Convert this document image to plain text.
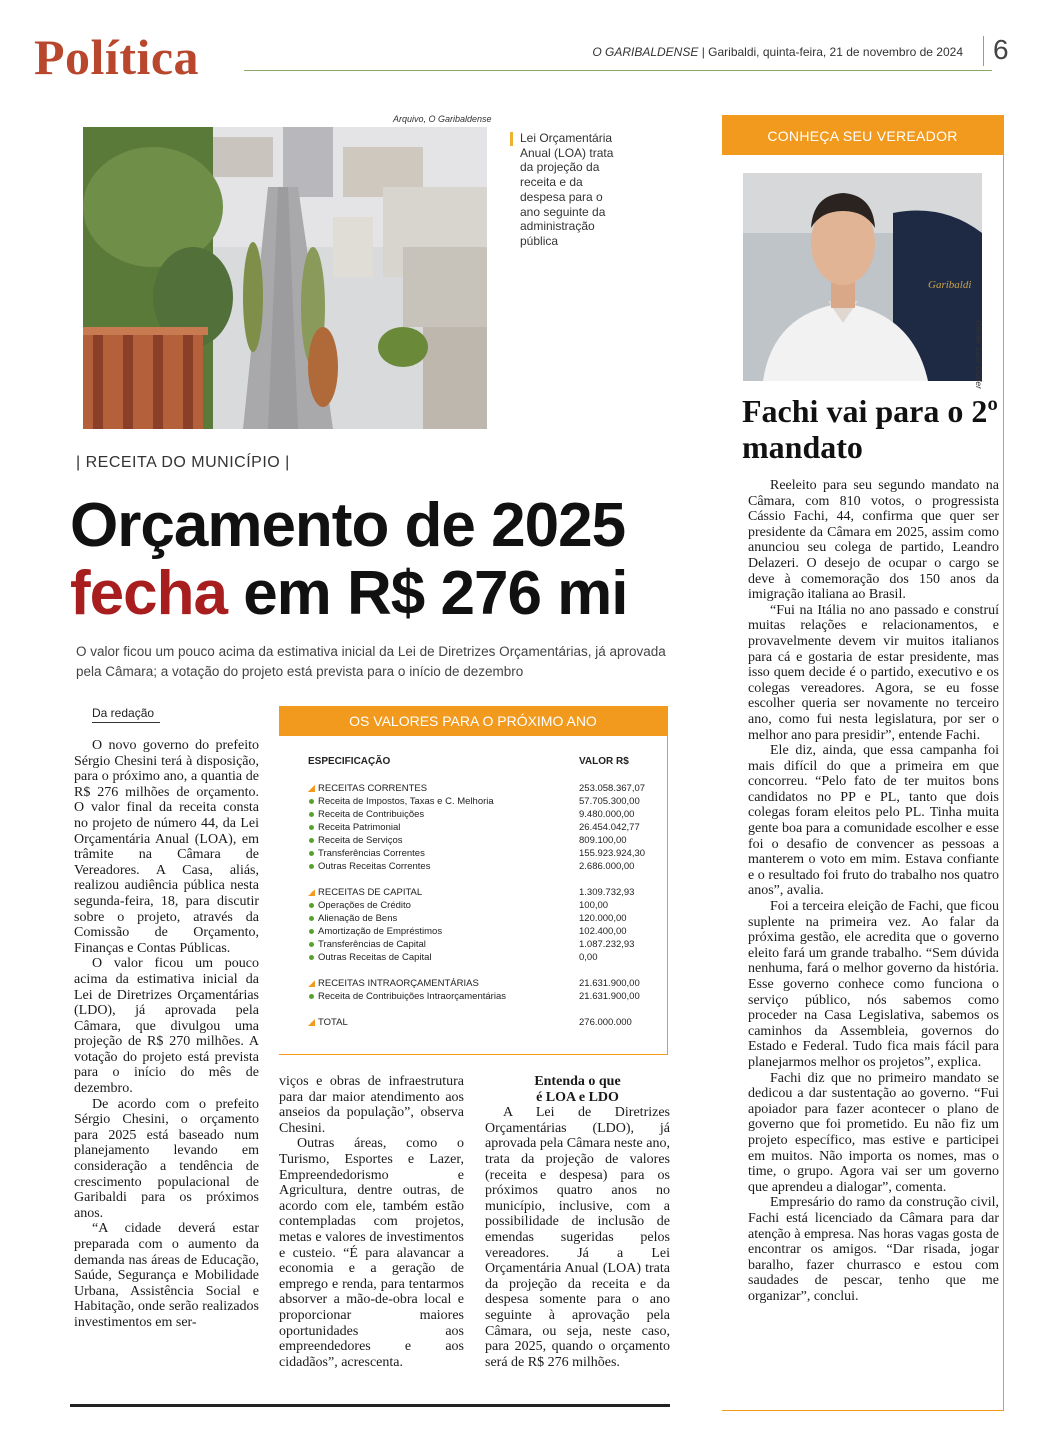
Política	O GARIBALDENSE | Garibaldi, quinta-feira, 21 de novembro de 2024 6
Arquivo, O Garibaldense
Lei Orçamentária Anual (LOA) trata da projeção da receita e da despesa para o ano seguinte da administração pública
| RECEITA DO MUNICÍPIO |
Orçamento de 2025
fecha em R$ 276 mi
O valor ficou um pouco acima da estimativa inicial da Lei de Diretrizes Orçamentárias, já aprovada pela Câmara; a votação do projeto está prevista para o início de dezembro
Da redação

O novo governo do prefeito Sérgio Chesini terá à disposição, para o próximo ano, a quantia de R$ 276 milhões de orçamento. O valor final da receita consta no projeto de número 44, da Lei Orçamentária Anual (LOA), em trâmite na Câmara de Vereadores. A Casa, aliás, realizou audiência pública nesta segunda-feira, 18, para discutir sobre o projeto, através da Comissão de Orçamento, Finanças e Contas Públicas.

O valor ficou um pouco acima da estimativa inicial da Lei de Diretrizes Orçamentárias (LDO), já aprovada pela Câmara, que divulgou uma projeção de R$ 270 milhões. A votação do projeto está prevista para o início do mês de dezembro.

De acordo com o prefeito Sérgio Chesini, o orçamento para 2025 está baseado num planejamento levando em consideração a tendência de crescimento populacional de Garibaldi para os próximos anos.

“A cidade deverá estar preparada com o aumento da demanda nas áreas de Educação, Saúde, Segurança e Mobilidade Urbana, Assistência Social e Habitação, onde serão realizados investimentos em ser-

OS VALORES PARA O PRÓXIMO ANO
ESPECIFICAÇÃO	VALOR R$
RECEITAS CORRENTES	253.058.367,07
Receita de Impostos, Taxas e C. Melhoria	57.705.300,00
Receita de Contribuições	9.480.000,00
Receita Patrimonial	26.454.042,77
Receita de Serviços	809.100,00
Transferências Correntes	155.923.924,30
Outras Receitas Correntes	2.686.000,00
RECEITAS DE CAPITAL	1.309.732,93
Operações de Crédito	100,00
Alienação de Bens	120.000,00
Amortização de Empréstimos	102.400,00
Transferências de Capital	1.087.232,93
Outras Receitas de Capital	0,00
RECEITAS INTRAORÇAMENTÁRIAS	21.631.900,00
Receita de Contribuições Intraorçamentárias	21.631.900,00
TOTAL	276.000.000

viços e obras de infraestrutura para dar maior atendimento aos anseios da população”, observa Chesini.

Outras áreas, como o Turismo, Esportes e Lazer, Empreendedorismo e Agricultura, dentre outras, de acordo com ele, também estão contempladas com projetos, metas e valores de investimentos e custeio. “É para alavancar a economia e a geração de emprego e renda, para tentarmos absorver a mão-de-obra local e proporcionar maiores oportunidades aos empreendedores e aos cidadãos”, acrescenta.

Entenda o que
é LOA e LDO

A Lei de Diretrizes Orçamentárias (LDO), já aprovada pela Câmara neste ano, trata da projeção de valores (receita e despesa) para os próximos quatro anos no município, inclusive, com a possibilidade de inclusão de emendas sugeridas pelos vereadores. Já a Lei Orçamentária Anual (LOA) trata da projeção da receita e da despesa somente para o ano seguinte à aprovação pela Câmara, ou seja, neste caso, para 2025, quando o orçamento será de R$ 276 milhões.

CONHEÇA SEU VEREADOR
Garibaldi
Gecler Luís Gutler
Fachi vai para o 2º mandato

Reeleito para seu segundo mandato na Câmara, com 810 votos, o progressista Cássio Fachi, 44, confirma que quer ser presidente da Câmara em 2025, assim como anunciou seu colega de partido, Leandro Delazeri. O desejo de ocupar o cargo se deve à comemoração dos 150 anos da imigração italiana ao Brasil.

“Fui na Itália no ano passado e construí muitas relações e relacionamentos, e provavelmente devem vir muitos italianos para cá e gostaria de estar presidente, mas isso quem decide é o partido, executivo e os colegas vereadores. Agora, se eu fosse escolher queria ser novamente no terceiro ano, como fui nesta legislatura, por ser o melhor ano para presidir”, entende Fachi.

Ele diz, ainda, que essa campanha foi mais difícil do que a primeira em que concorreu. “Pelo fato de ter muitos bons candidatos no PP e PL, tanto que dois colegas foram eleitos pelo PL. Tinha muita gente boa para a comunidade escolher e esse foi o desafio de convencer as pessoas a manterem o voto em mim. Estava confiante e o resultado foi fruto do trabalho nos quatro anos”, avalia.

Foi a terceira eleição de Fachi, que ficou suplente na primeira vez. Ao falar da próxima gestão, ele acredita que o governo eleito fará um grande trabalho. “Sem dúvida nenhuma, fará o melhor governo da história. Esse governo conhece como funciona o serviço público, nós sabemos como proceder na Casa Legislativa, sabemos os caminhos da Assembleia, governos do Estado e Federal. Tudo fica mais fácil para planejarmos melhor os projetos”, explica.

Fachi diz que no primeiro mandato se dedicou a dar sustentação ao governo. “Fui apoiador para fazer acontecer o plano de governo que foi prometido. Eu não fiz um projeto específico, mas estive e participei em muitos. Não importa os nomes, mas o time, o grupo. Agora vai ser um governo que aprendeu a dialogar”, comenta.

Empresário do ramo da construção civil, Fachi está licenciado da Câmara para dar atenção à empresa. Nas horas vagas gosta de encontrar os amigos. “Dar risada, jogar baralho, fazer churrasco e estou com saudades de pescar, tenho que me organizar”, conclui.
